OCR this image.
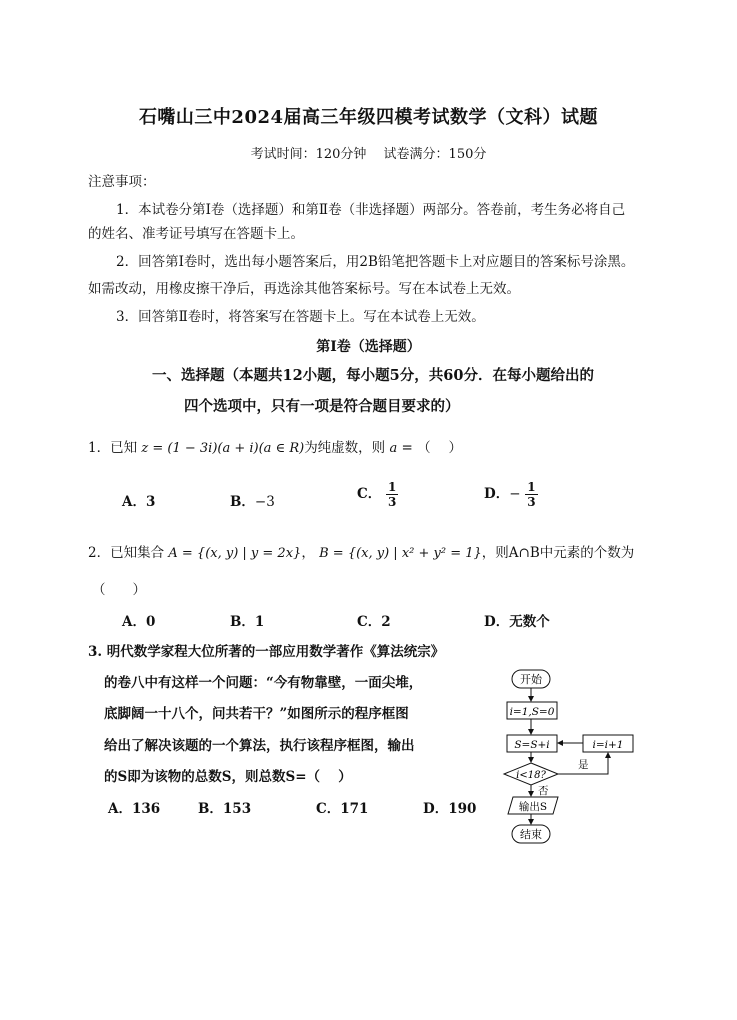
石嘴山三中2024届高三年级四模考试数学（文科）试题
考试时间：120分钟　 试卷满分：150分
注意事项：
1．本试卷分第Ⅰ卷（选择题）和第Ⅱ卷（非选择题）两部分。答卷前，考生务必将自己
的姓名、准考证号填写在答题卡上。
2．回答第Ⅰ卷时，选出每小题答案后，用2B铅笔把答题卡上对应题目的答案标号涂黑。
如需改动，用橡皮擦干净后，再选涂其他答案标号。写在本试卷上无效。
3．回答第Ⅱ卷时，将答案写在答题卡上。写在本试卷上无效。
第Ⅰ卷（选择题）
一、选择题（本题共12小题，每小题5分，共60分．在每小题给出的
四个选项中，只有一项是符合题目要求的）
1．已知 z = (1 − 3i)(a + i)(a ∈ R)为纯虚数，则 a = （　 ）
A．3	B．−3	C． $\frac{1}{3}$	D．− $\frac{1}{3}$
2．已知集合 A = {(x, y) | y = 2x}， B = {(x, y) | x² + y² = 1}，则A∩B中元素的个数为
（　　）
A．0	B．1	C．2	D．无数个
3. 明代数学家程大位所著的一部应用数学著作《算法统宗》
的卷八中有这样一个问题：“今有物靠壁，一面尖堆，
底脚阔一十八个，问共若干？”如图所示的程序框图
给出了解决该题的一个算法，执行该程序框图，输出
的S即为该物的总数S，则总数S=（　 ）
A．136	B．153	C．171	D．190
开始
i=1,S=0
S=S+i	i=i+1
i<18?
是
否
输出S
结束
